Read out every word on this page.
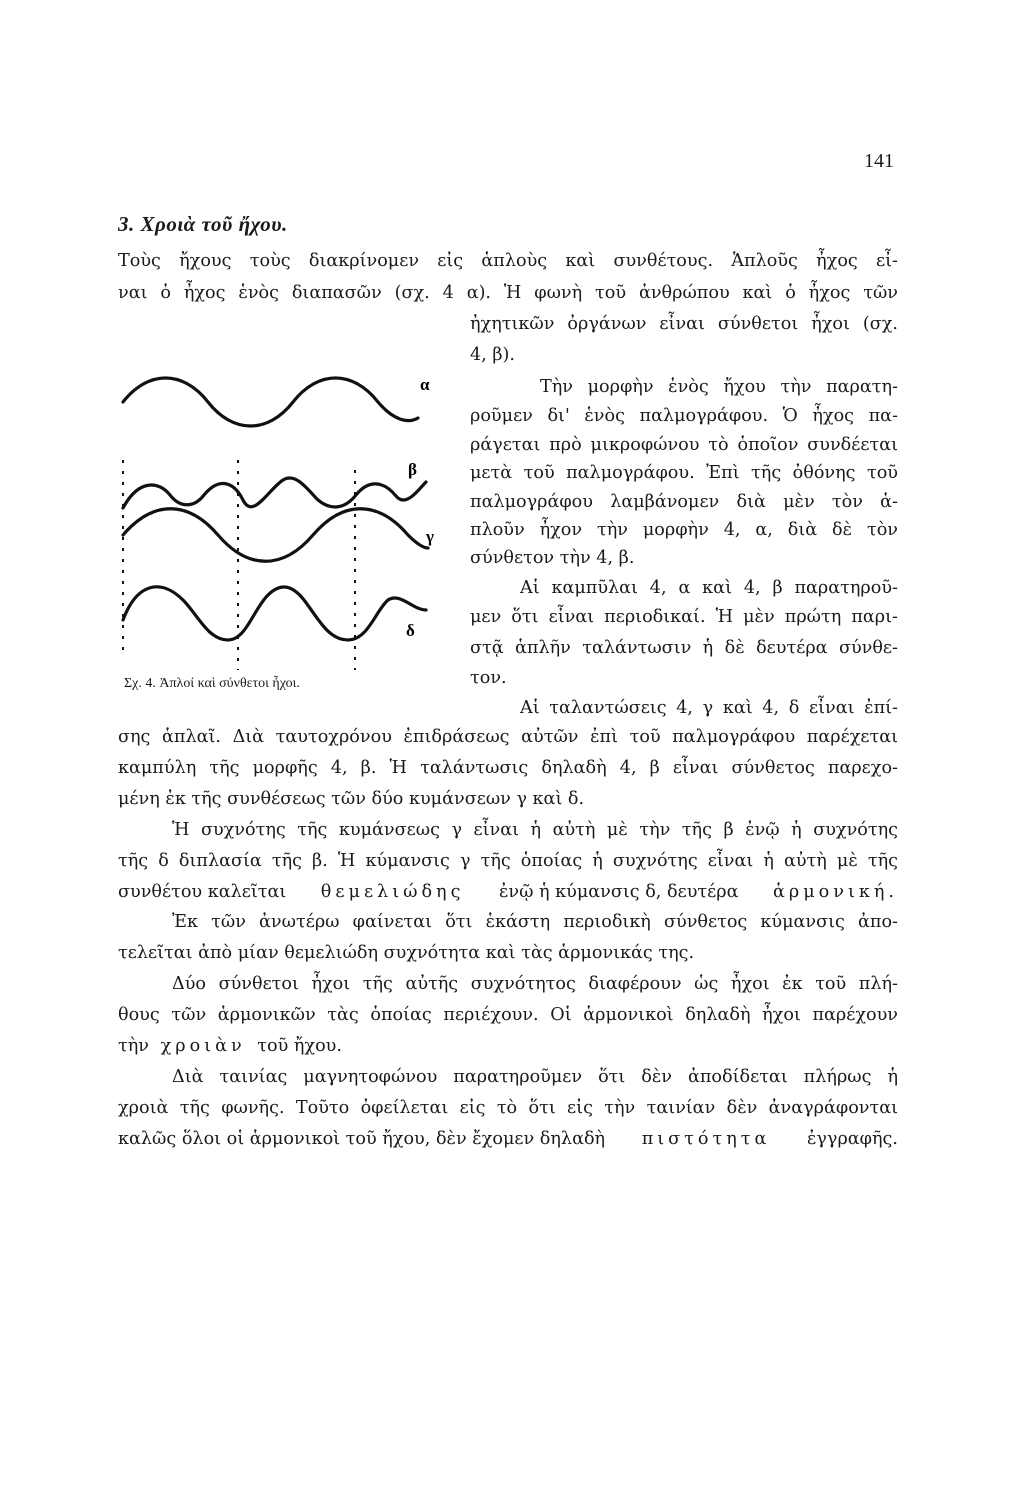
141
3. Χροιὰ τοῦ ἤχου.
Τοὺς ἤχους τοὺς διακρίνομεν εἰς ἁπλοὺς καὶ συνθέτους. Ἁπλοῦς ἦχος εἶ-
ναι ὁ ἦχος ἑνὸς διαπασῶν (σχ. 4 α). Ἡ φωνὴ τοῦ ἀνθρώπου καὶ ὁ ἦχος τῶν
ἠχητικῶν ὀργάνων εἶναι σύνθετοι ἦχοι (σχ.
4, β).
Τὴν μορφὴν ἑνὸς ἤχου τὴν παρατη-
ροῦμεν δι' ἑνὸς παλμογράφου. Ὁ ἦχος πα-
ράγεται πρὸ μικροφώνου τὸ ὁποῖον συνδέεται
μετὰ τοῦ παλμογράφου. Ἐπὶ τῆς ὀθόνης τοῦ
παλμογράφου λαμβάνομεν διὰ μὲν τὸν ἁ-
πλοῦν ἦχον τὴν μορφὴν 4, α, διὰ δὲ τὸν
σύνθετον τὴν 4, β.
Αἱ καμπῦλαι 4, α καὶ 4, β παρατηροῦ-
μεν ὅτι εἶναι περιοδικαί. Ἡ μὲν πρώτη παρι-
στᾷ ἁπλῆν ταλάντωσιν ἡ δὲ δευτέρα σύνθε-
τον.
Αἱ ταλαντώσεις 4, γ καὶ 4, δ εἶναι ἐπί-
σης ἁπλαῖ. Διὰ ταυτοχρόνου ἐπιδράσεως αὐτῶν ἐπὶ τοῦ παλμογράφου παρέχεται
καμπύλη τῆς μορφῆς 4, β. Ἡ ταλάντωσις δηλαδὴ 4, β εἶναι σύνθετος παρεχο-
μένη ἐκ τῆς συνθέσεως τῶν δύο κυμάνσεων γ καὶ δ.
Ἡ συχνότης τῆς κυμάνσεως γ εἶναι ἡ αὐτὴ μὲ τὴν τῆς β ἐνῷ ἡ συχνότης
τῆς δ διπλασία τῆς β. Ἡ κύμανσις γ τῆς ὁποίας ἡ συχνότης εἶναι ἡ αὐτὴ μὲ τῆς
συνθέτου καλεῖται θεμελιώδης ἐνῷ ἡ κύμανσις δ, δευτέρα ἁρμονική.
Ἐκ τῶν ἀνωτέρω φαίνεται ὅτι ἑκάστη περιοδικὴ σύνθετος κύμανσις ἀπο-
τελεῖται ἀπὸ μίαν θεμελιώδη συχνότητα καὶ τὰς ἁρμονικάς της.
Δύο σύνθετοι ἦχοι τῆς αὐτῆς συχνότητος διαφέρουν ὡς ἦχοι ἐκ τοῦ πλή-
θους τῶν ἁρμονικῶν τὰς ὁποίας περιέχουν. Οἱ ἁρμονικοὶ δηλαδὴ ἦχοι παρέχουν
τὴν χροιὰν τοῦ ἤχου.
Διὰ ταινίας μαγνητοφώνου παρατηροῦμεν ὅτι δὲν ἀποδίδεται πλήρως ἡ
χροιὰ τῆς φωνῆς. Τοῦτο ὀφείλεται εἰς τὸ ὅτι εἰς τὴν ταινίαν δὲν ἀναγράφονται
καλῶς ὅλοι οἱ ἁρμονικοὶ τοῦ ἤχου, δὲν ἔχομεν δηλαδὴ πιστότητα ἐγγραφῆς.
α
β
γ
δ
Σχ. 4. Ἀπλοί καὶ σύνθετοι ἦχοι.
